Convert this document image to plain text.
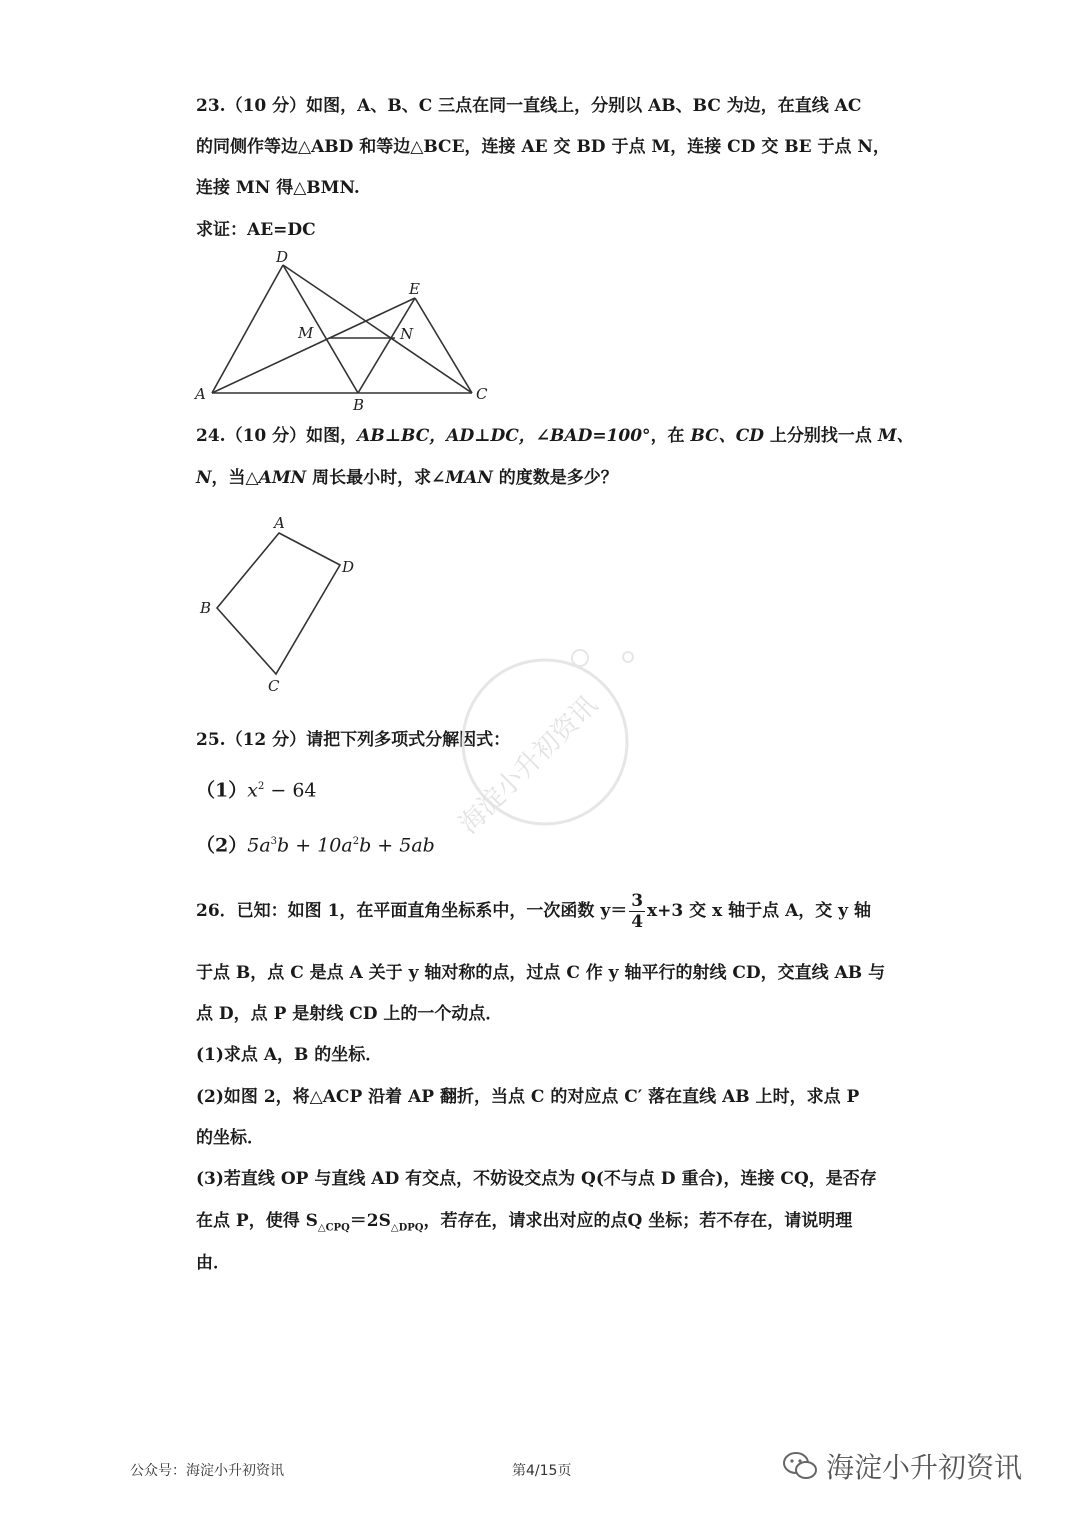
23.（10 分）如图，A、B、C 三点在同一直线上，分别以 AB、BC 为边，在直线 AC
的同侧作等边△ABD 和等边△BCE，连接 AE 交 BD 于点 M，连接 CD 交 BE 于点 N，
连接 MN 得△BMN.
求证：AE=DC
D
E
M	N
A
B
C
24.（10 分）如图，AB⊥BC，AD⊥DC，∠BAD=100°，在 BC、CD 上分别找一点 M、
N，当△AMN 周长最小时，求∠MAN 的度数是多少？
A
D
B
C
25.（12 分）请把下列多项式分解因式：
$(1)x^2 - 64$
$(2)5a^3b + 10a^2b + 5ab$
26．已知：如图 1，在平面直角坐标系中，一次函数 $y= \frac{3}{4} x+3$ 交 x 轴于点 A，交 y 轴
于点 B，点 C 是点 A 关于 y 轴对称的点，过点 C 作 y 轴平行的射线 CD，交直线 AB 与
点 D，点 P 是射线 CD 上的一个动点．
(1)求点 A，B 的坐标．
(2)如图 2，将△ACP 沿着 AP 翻折，当点 C 的对应点 C′ 落在直线 AB 上时，求点 P
的坐标．
(3)若直线 OP 与直线 AD 有交点，不妨设交点为 Q(不与点 D 重合)，连接 CQ，是否存
在点 P，使得 $S_{\triangle CPQ}=2S_{\triangle DPQ}$，若存在，请求出对应的点Q 坐标；若不存在，请说明理
由．
海淀小升初资讯
公众号：海淀小升初资讯	第4/15页	海淀小升初资讯
